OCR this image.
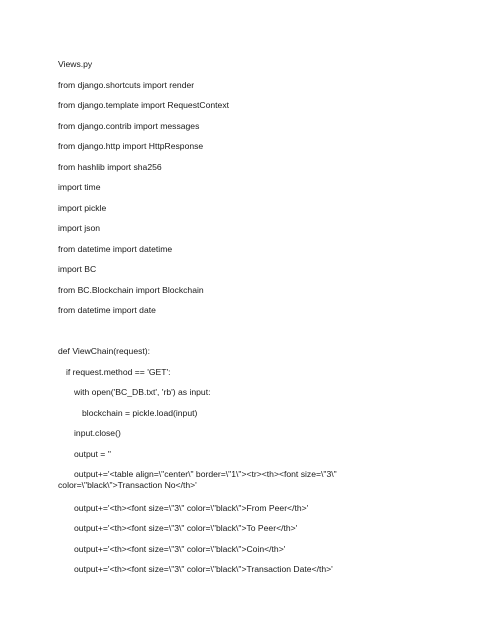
Views.py
from django.shortcuts import render
from django.template import RequestContext
from django.contrib import messages
from django.http import HttpResponse
from hashlib import sha256
import time
import pickle
import json
from datetime import datetime
import BC
from BC.Blockchain import Blockchain
from datetime import date
def ViewChain(request):
if request.method == 'GET':
with open('BC_DB.txt', 'rb') as input:
blockchain = pickle.load(input)
input.close()
output = ''
output+='<table align=\"center\" border=\"1\"><tr><th><font size=\"3\" color=\"black\">Transaction No</th>'
output+='<th><font size=\"3\" color=\"black\">From Peer</th>'
output+='<th><font size=\"3\" color=\"black\">To Peer</th>'
output+='<th><font size=\"3\" color=\"black\">Coin</th>'
output+='<th><font size=\"3\" color=\"black\">Transaction Date</th>'
